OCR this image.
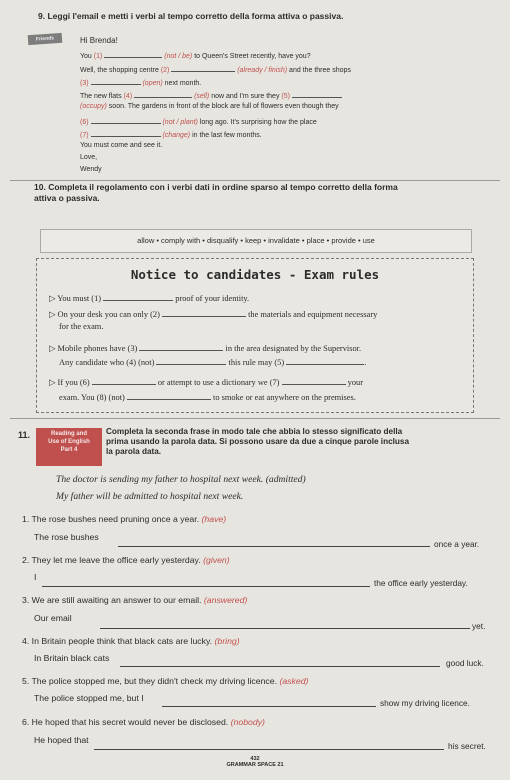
9. Leggi l'email e metti i verbi al tempo corretto della forma attiva o passiva.
Friends	Hi Brenda!
You (1)	(not / be) to Queen's Street recently, have you?
Well, the shopping centre (2)	(already / finish) and the three shops
(3)	(open) next month.
The new flats (4)	(sell) now and I'm sure they (5)
(occupy) soon. The gardens in front of the block are full of flowers even though they
(6)	(not / plant) long ago. It's surprising how the place
(7)	(change) in the last few months.
You must come and see it.
Love,
Wendy
10. Completa il regolamento con i verbi dati in ordine sparso al tempo corretto della forma
attiva o passiva.
allow • comply with • disqualify • keep • invalidate • place • provide • use
Notice to candidates - Exam rules
▷ You must (1)	proof of your identity.
▷ On your desk you can only (2)	the materials and equipment necessary
for the exam.
▷ Mobile phones have (3)	in the area designated by the Supervisor.
Any candidate who (4) (not)	this rule may (5)	.
▷ If you (6)	or attempt to use a dictionary we (7)	your
exam. You (8) (not)	to smoke or eat anywhere on the premises.
11.	Reading and
Use of English
Part 4
Completa la seconda frase in modo tale che abbia lo stesso significato della
prima usando la parola data. Si possono usare da due a cinque parole inclusa
la parola data.
The doctor is sending my father to hospital next week. (admitted)
My father will be admitted to hospital next week.
1. The rose bushes need pruning once a year. (have)
The rose bushes
once a year.
2. They let me leave the office early yesterday. (given)
I
the office early yesterday.
3. We are still awaiting an answer to our email. (answered)
Our email
yet.
4. In Britain people think that black cats are lucky. (bring)
In Britain black cats	good luck.
5. The police stopped me, but they didn't check my driving licence. (asked)
The police stopped me, but I	show my driving licence.
6. He hoped that his secret would never be disclosed. (nobody)
He hoped that
his secret.
432
GRAMMAR SPACE 21
